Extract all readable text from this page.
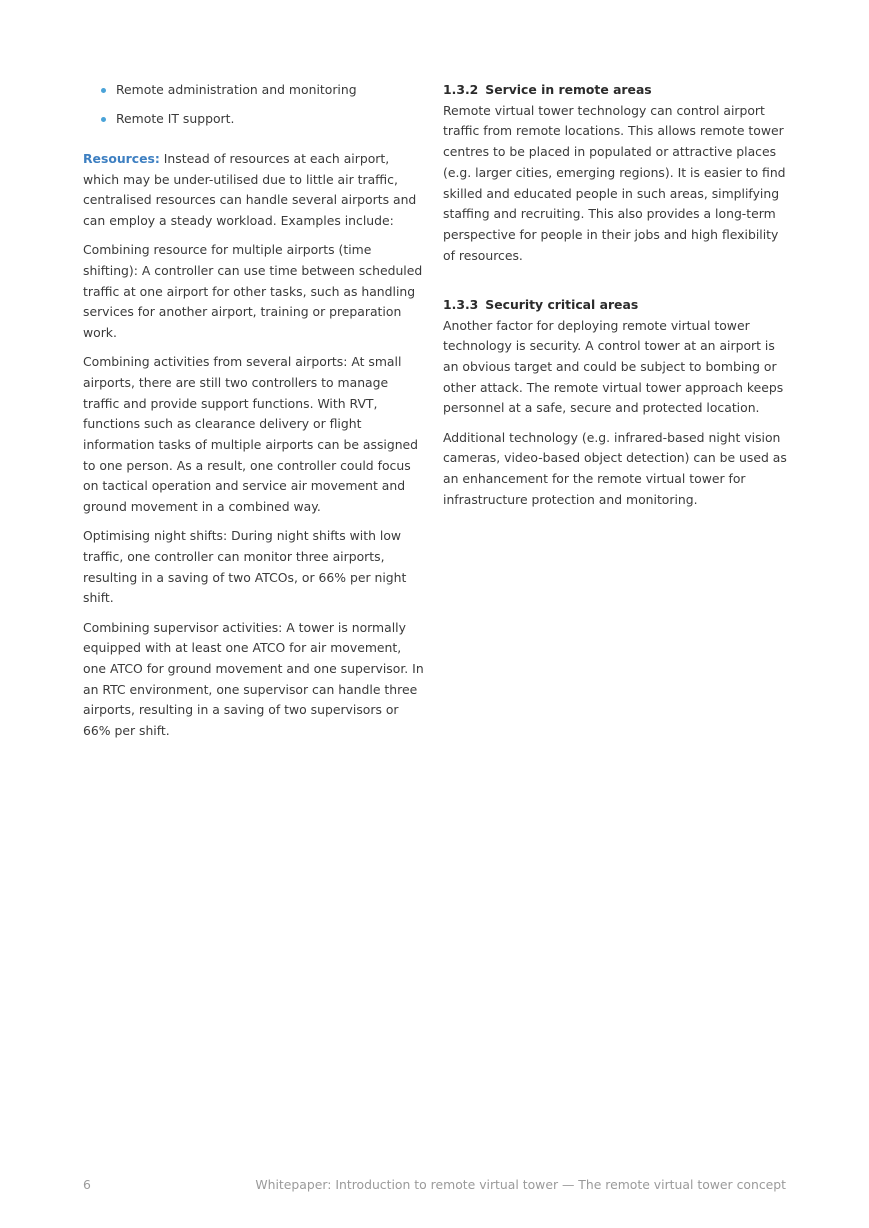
Remote administration and monitoring
Remote IT support.

Resources: Instead of resources at each airport, which may be under-utilised due to little air traffic, centralised resources can handle several airports and can employ a steady workload. Examples include:

Combining resource for multiple airports (time shifting): A controller can use time between scheduled traffic at one airport for other tasks, such as handling services for another airport, training or preparation work.

Combining activities from several airports: At small airports, there are still two controllers to manage traffic and provide support functions. With RVT, functions such as clearance delivery or flight information tasks of multiple airports can be assigned to one person. As a result, one controller could focus on tactical operation and service air movement and ground movement in a combined way.

Optimising night shifts: During night shifts with low traffic, one controller can monitor three airports, resulting in a saving of two ATCOs, or 66% per night shift.

Combining supervisor activities: A tower is normally equipped with at least one ATCO for air movement, one ATCO for ground movement and one supervisor. In an RTC environment, one supervisor can handle three airports, resulting in a saving of two supervisors or 66% per shift.

1.3.2 Service in remote areas

Remote virtual tower technology can control airport traffic from remote locations. This allows remote tower centres to be placed in populated or attractive places (e.g. larger cities, emerging regions). It is easier to find skilled and educated people in such areas, simplifying staffing and recruiting. This also provides a long-term perspective for people in their jobs and high flexibility of resources.

1.3.3 Security critical areas

Another factor for deploying remote virtual tower technology is security. A control tower at an airport is an obvious target and could be subject to bombing or other attack. The remote virtual tower approach keeps personnel at a safe, secure and protected location.

Additional technology (e.g. infrared-based night vision cameras, video-based object detection) can be used as an enhancement for the remote virtual tower for infrastructure protection and monitoring.

6	Whitepaper: Introduction to remote virtual tower — The remote virtual tower concept
